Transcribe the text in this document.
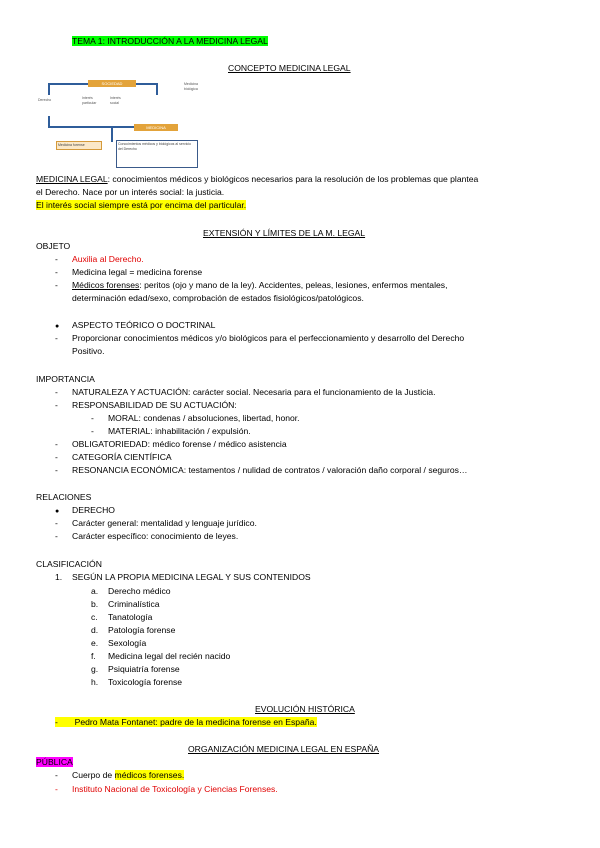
TEMA 1: INTRODUCCIÓN A LA MEDICINA LEGAL
CONCEPTO MEDICINA LEGAL
SOCIEDAD
Derecho	Interés particular
Interés social
Medicina biológica
MEDICINA
Medicina forense	Conocimientos médicos y biológicos al servicio del Derecho
MEDICINA LEGAL: conocimientos médicos y biológicos necesarios para la resolución de los problemas que plantea
el Derecho. Nace por un interés social: la justicia.
El interés social siempre está por encima del particular.
EXTENSIÓN Y LÍMITES DE LA M. LEGAL
OBJETO
- Auxilia al Derecho.
- Medicina legal = medicina forense
- Médicos forenses: peritos (ojo y mano de la ley). Accidentes, peleas, lesiones, enfermos mentales,
determinación edad/sexo, comprobación de estados fisiológicos/patológicos.
● ASPECTO TEÓRICO O DOCTRINAL
- Proporcionar conocimientos médicos y/o biológicos para el perfeccionamiento y desarrollo del Derecho
Positivo.
IMPORTANCIA
- NATURALEZA Y ACTUACIÓN: carácter social. Necesaria para el funcionamiento de la Justicia.
- RESPONSABILIDAD DE SU ACTUACIÓN:
- MORAL: condenas / absoluciones, libertad, honor.
- MATERIAL: inhabilitación / expulsión.
- OBLIGATORIEDAD: médico forense / médico asistencia
- CATEGORÍA CIENTÍFICA
- RESONANCIA ECONÓMICA: testamentos / nulidad de contratos / valoración daño corporal / seguros…
RELACIONES
● DERECHO
- Carácter general: mentalidad y lenguaje jurídico.
- Carácter específico: conocimiento de leyes.
CLASIFICACIÓN
1. SEGÚN LA PROPIA MEDICINA LEGAL Y SUS CONTENIDOS
a. Derecho médico
b. Criminalística
c. Tanatología
d. Patología forense
e. Sexología
f. Medicina legal del recién nacido
g. Psiquiatría forense
h. Toxicología forense
EVOLUCIÓN HISTÓRICA
- Pedro Mata Fontanet: padre de la medicina forense en España.
ORGANIZACIÓN MEDICINA LEGAL EN ESPAÑA
PÚBLICA
- Cuerpo de médicos forenses.
- Instituto Nacional de Toxicología y Ciencias Forenses.
